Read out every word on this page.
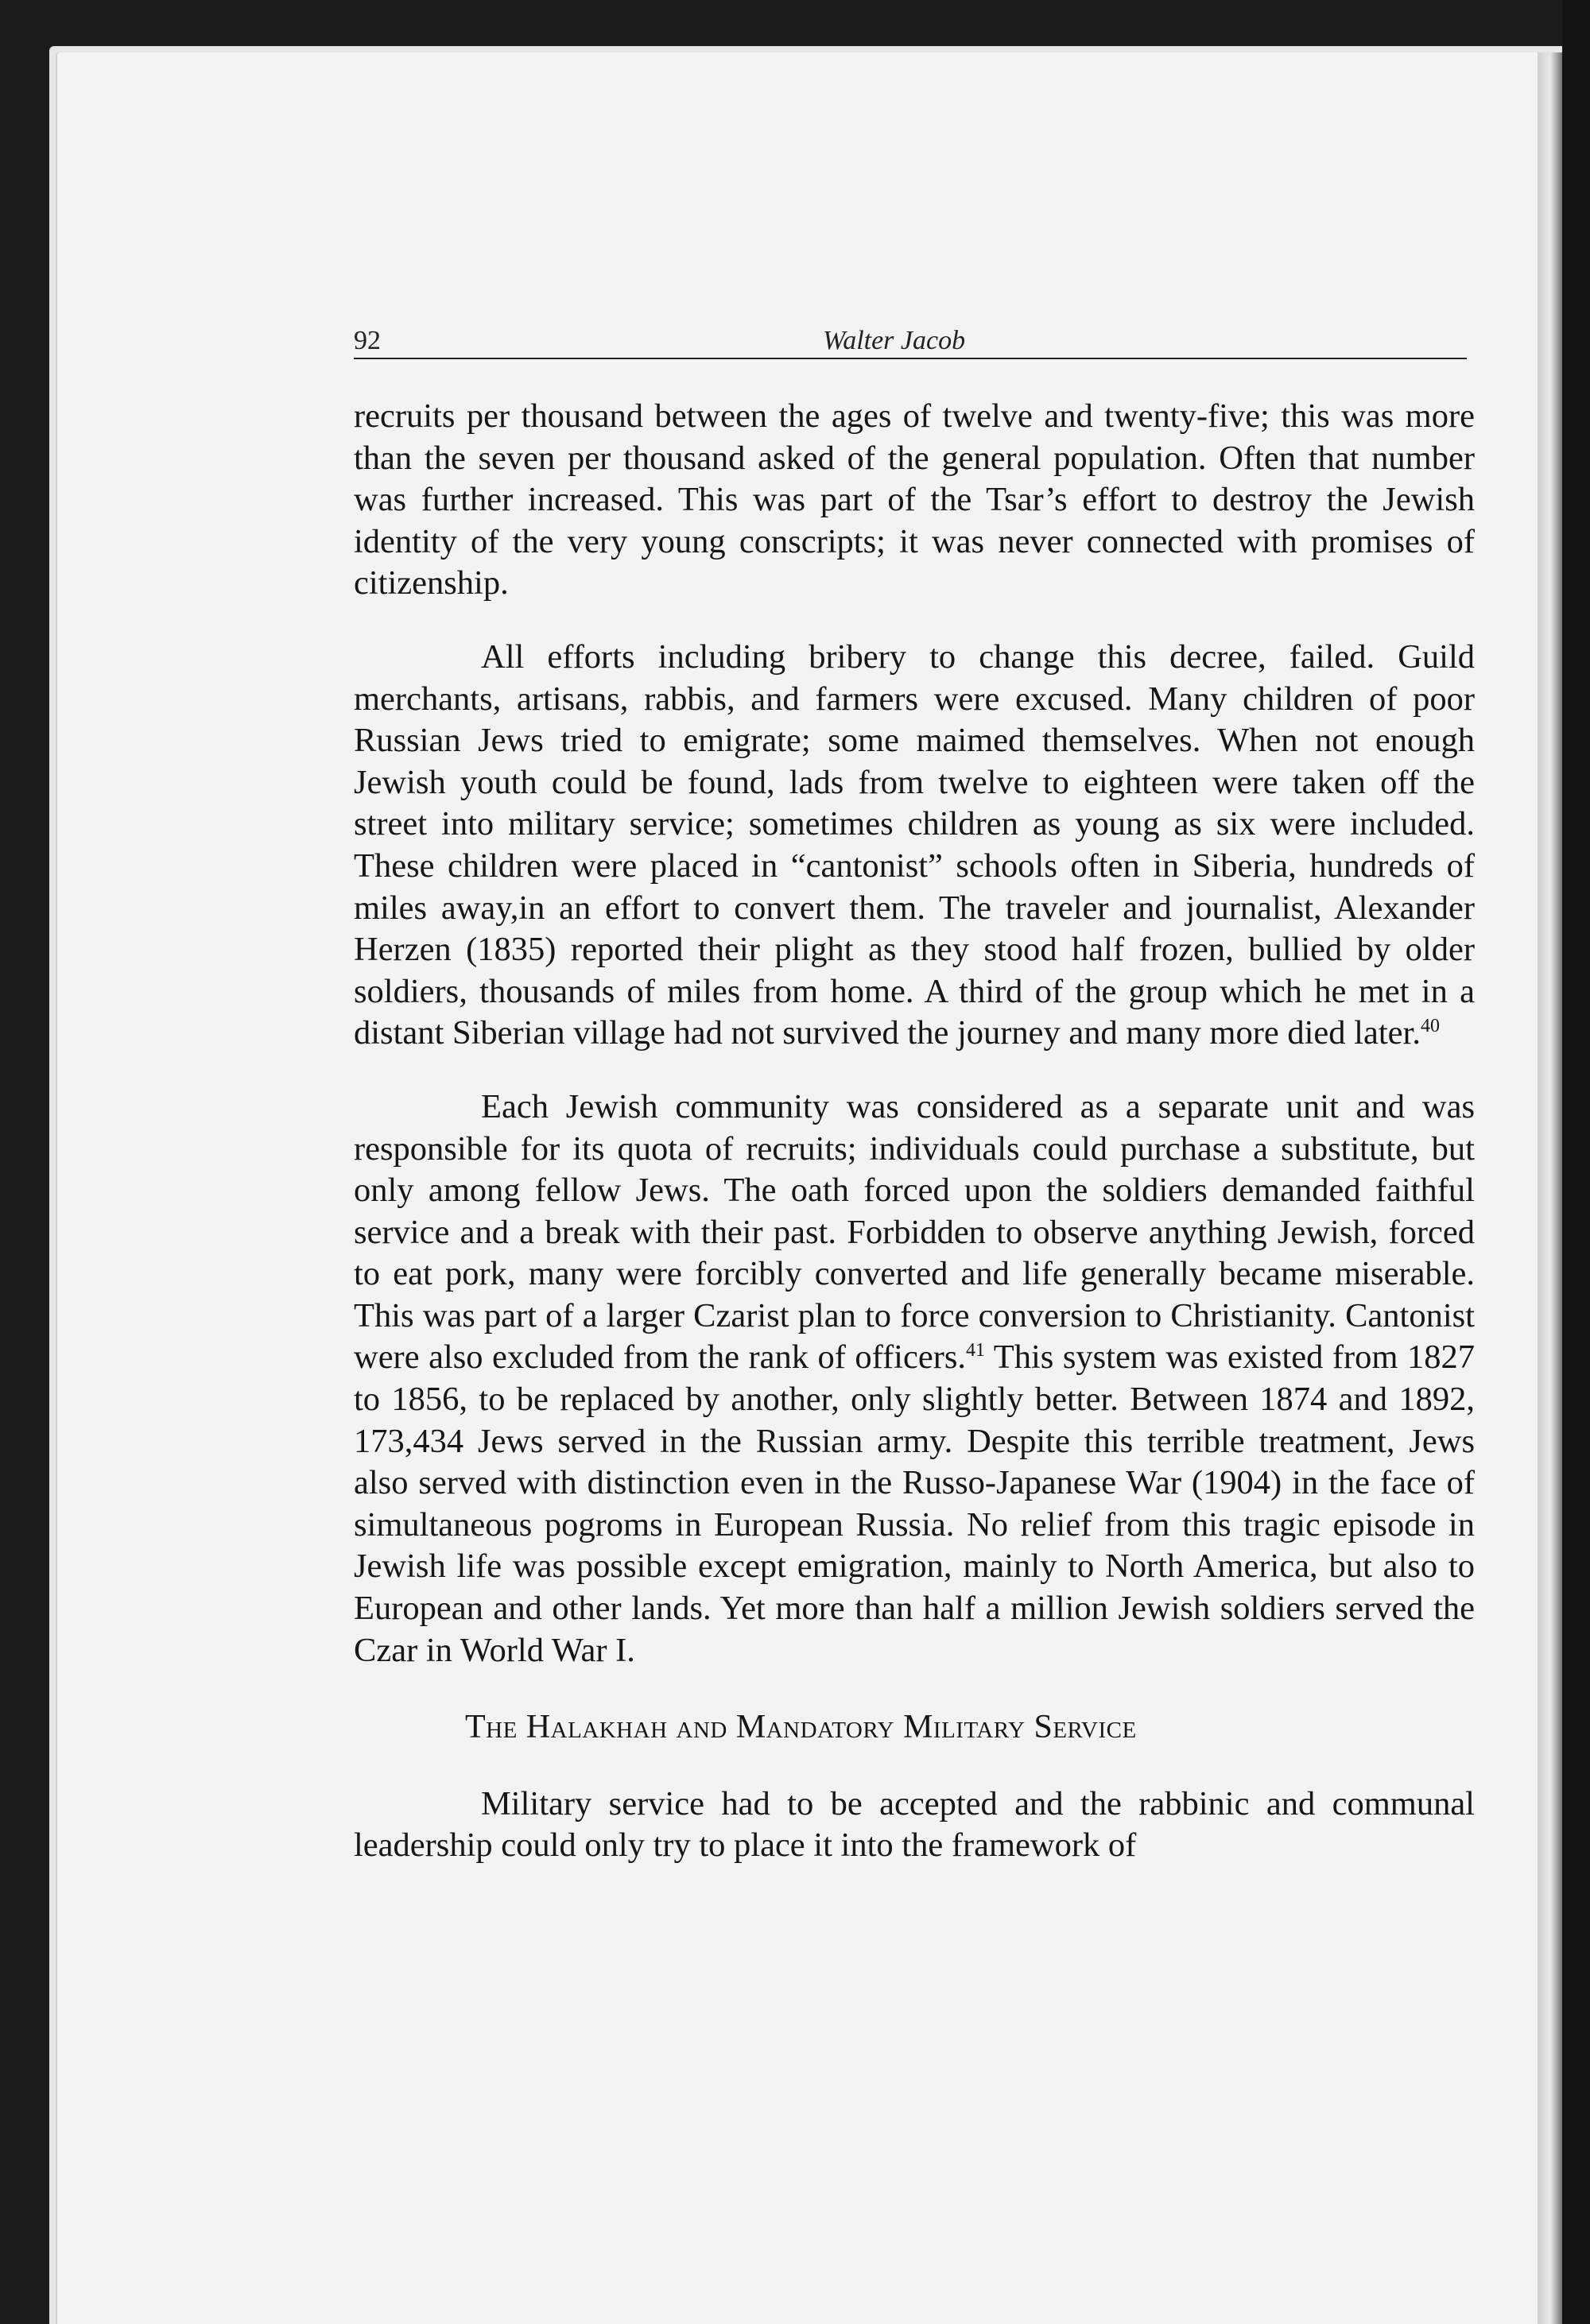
92	Walter Jacob

recruits per thousand between the ages of twelve and twenty-five; this was more than the seven per thousand asked of the general population. Often that number was further increased. This was part of the Tsar’s effort to destroy the Jewish identity of the very young conscripts; it was never connected with promises of citizenship.

All efforts including bribery to change this decree, failed. Guild merchants, artisans, rabbis, and farmers were excused. Many children of poor Russian Jews tried to emigrate; some maimed themselves. When not enough Jewish youth could be found, lads from twelve to eighteen were taken off the street into military service; sometimes children as young as six were included. These children were placed in “cantonist” schools often in Siberia, hundreds of miles away,in an effort to convert them. The traveler and journalist, Alexander Herzen (1835) reported their plight as they stood half frozen, bullied by older soldiers, thousands of miles from home. A third of the group which he met in a distant Siberian village had not survived the journey and many more died later.$^{40}$

Each Jewish community was considered as a separate unit and was responsible for its quota of recruits; individuals could purchase a substitute, but only among fellow Jews. The oath forced upon the soldiers demanded faithful service and a break with their past. Forbidden to observe anything Jewish, forced to eat pork, many were forcibly converted and life generally became miserable. This was part of a larger Czarist plan to force conversion to Christianity. Cantonist were also excluded from the rank of officers.$^{41}$ This system was existed from 1827 to 1856, to be replaced by another, only slightly better. Between 1874 and 1892, 173,434 Jews served in the Russian army. Despite this terrible treatment, Jews also served with distinction even in the Russo-Japanese War (1904) in the face of simultaneous pogroms in European Russia. No relief from this tragic episode in Jewish life was possible except emigration, mainly to North America, but also to European and other lands. Yet more than half a million Jewish soldiers served the Czar in World War I.

The Halakhah and Mandatory Military Service

Military service had to be accepted and the rabbinic and communal leadership could only try to place it into the framework of
